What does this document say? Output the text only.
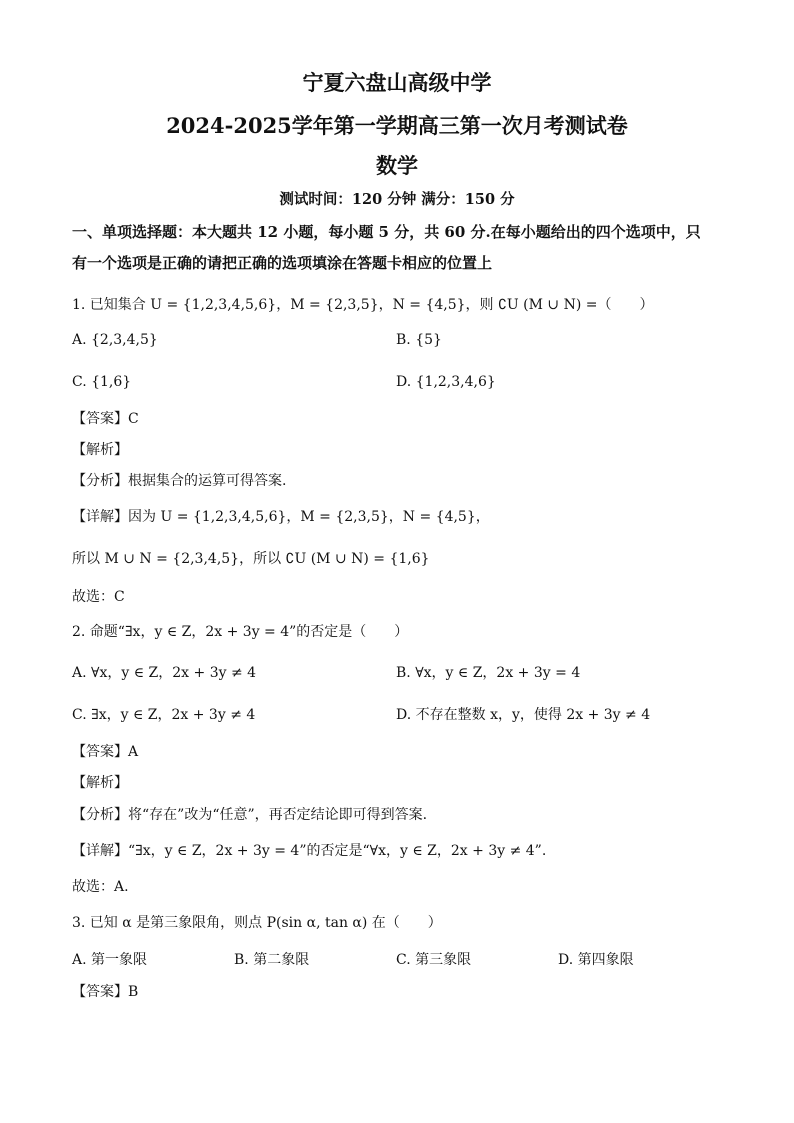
宁夏六盘山高级中学
2024-2025学年第一学期高三第一次月考测试卷
数学
测试时间：120 分钟 满分：150 分
一、单项选择题：本大题共 12 小题，每小题 5 分，共 60 分.在每小题给出的四个选项中，只
有一个选项是正确的请把正确的选项填涂在答题卡相应的位置上
1. 已知集合 U = {1,2,3,4,5,6}，M = {2,3,5}，N = {4,5}，则 ∁U (M ∪ N) =（　　）
A. {2,3,4,5}	B. {5}
C. {1,6}	D. {1,2,3,4,6}
【答案】C
【解析】
【分析】根据集合的运算可得答案.
【详解】因为 U = {1,2,3,4,5,6}，M = {2,3,5}，N = {4,5}，
所以 M ∪ N = {2,3,4,5}，所以 ∁U (M ∪ N) = {1,6}
故选：C
2. 命题“∃x，y ∈ Z，2x + 3y = 4”的否定是（　　）
A. ∀x，y ∈ Z，2x + 3y ≠ 4	B. ∀x，y ∈ Z，2x + 3y = 4
C. ∃x，y ∈ Z，2x + 3y ≠ 4	D. 不存在整数 x，y，使得 2x + 3y ≠ 4
【答案】A
【解析】
【分析】将“存在”改为“任意”，再否定结论即可得到答案.
【详解】“∃x，y ∈ Z，2x + 3y = 4”的否定是“∀x，y ∈ Z，2x + 3y ≠ 4”.
故选：A.
3. 已知 α 是第三象限角，则点 P(sin α, tan α) 在（　　）
A. 第一象限	B. 第二象限	C. 第三象限	D. 第四象限
【答案】B
